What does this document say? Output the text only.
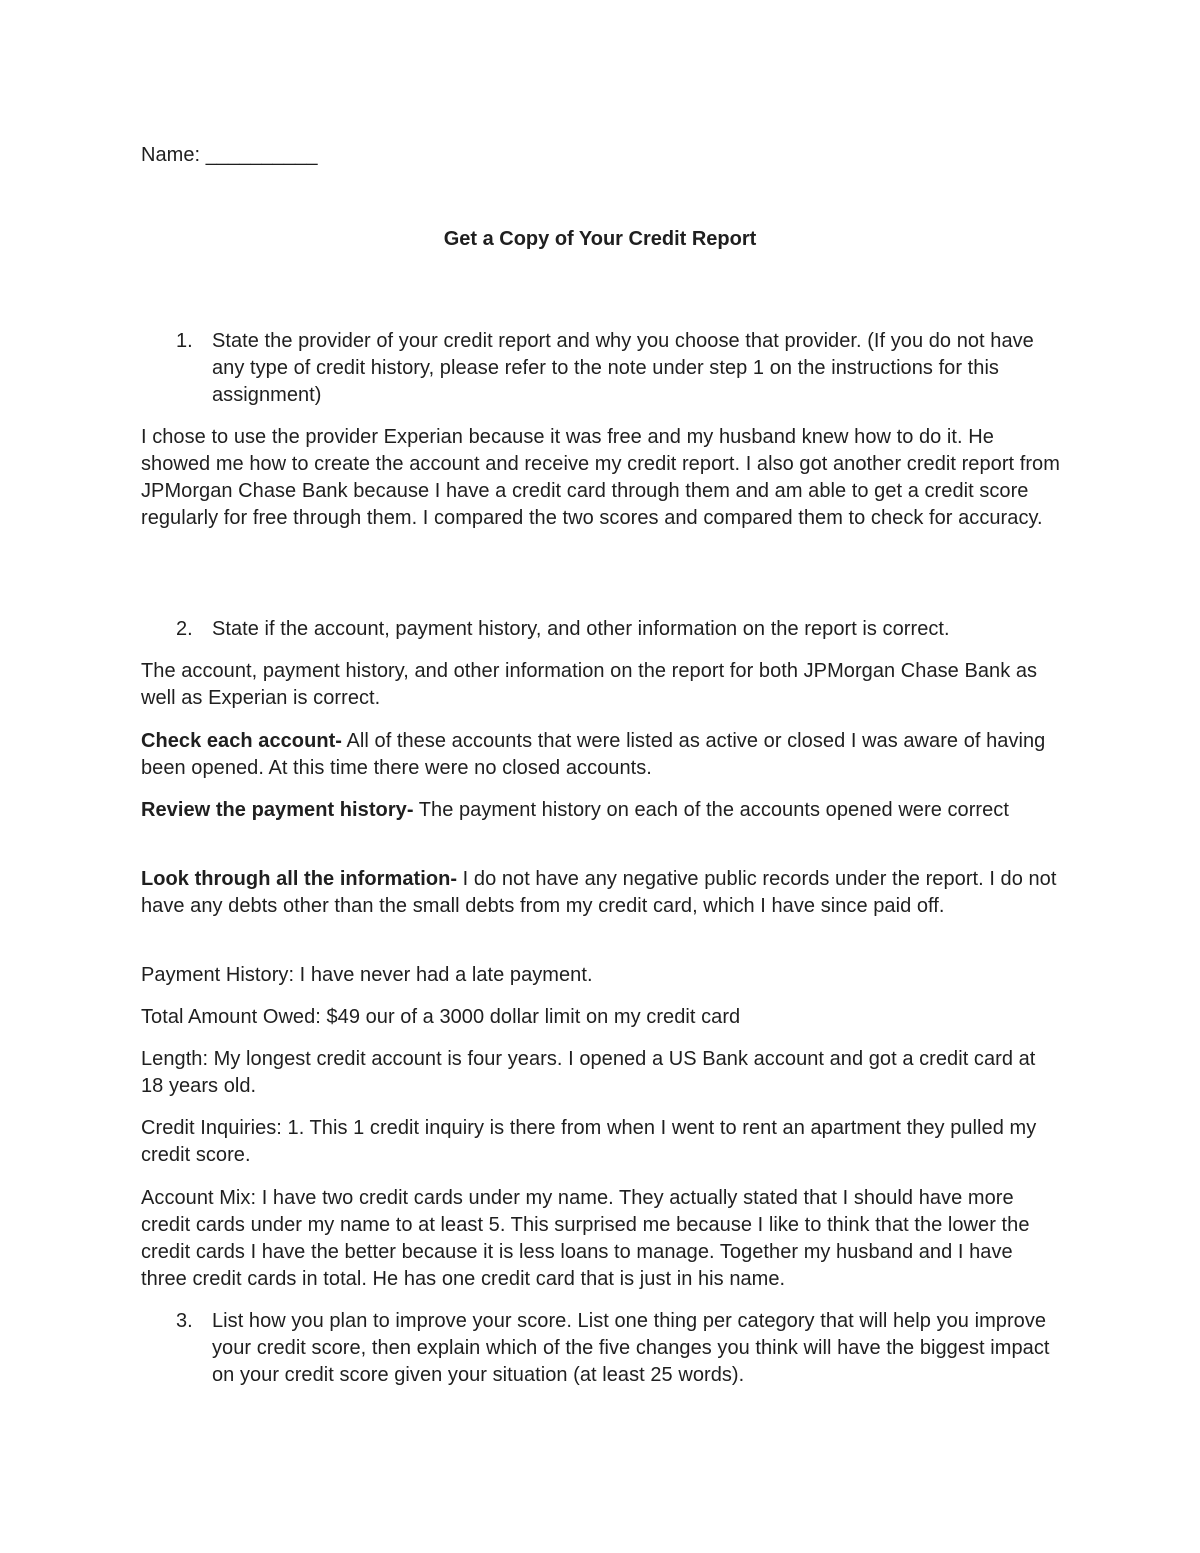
Name: __________
Get a Copy of Your Credit Report
1. State the provider of your credit report and why you choose that provider. (If you do not have any type of credit history, please refer to the note under step 1 on the instructions for this assignment)
I chose to use the provider Experian because it was free and my husband knew how to do it. He showed me how to create the account and receive my credit report. I also got another credit report from JPMorgan Chase Bank because I have a credit card through them and am able to get a credit score regularly for free through them. I compared the two scores and compared them to check for accuracy.
2. State if the account, payment history, and other information on the report is correct.
The account, payment history, and other information on the report for both JPMorgan Chase Bank as well as Experian is correct.
Check each account- All of these accounts that were listed as active or closed I was aware of having been opened. At this time there were no closed accounts.
Review the payment history- The payment history on each of the accounts opened were correct
Look through all the information- I do not have any negative public records under the report. I do not have any debts other than the small debts from my credit card, which I have since paid off.
Payment History: I have never had a late payment.
Total Amount Owed: $49 our of a 3000 dollar limit on my credit card
Length: My longest credit account is four years. I opened a US Bank account and got a credit card at 18 years old.
Credit Inquiries: 1. This 1 credit inquiry is there from when I went to rent an apartment they pulled my credit score.
Account Mix: I have two credit cards under my name. They actually stated that I should have more credit cards under my name to at least 5. This surprised me because I like to think that the lower the credit cards I have the better because it is less loans to manage. Together my husband and I have three credit cards in total. He has one credit card that is just in his name.
3. List how you plan to improve your score. List one thing per category that will help you improve your credit score, then explain which of the five changes you think will have the biggest impact on your credit score given your situation (at least 25 words).
